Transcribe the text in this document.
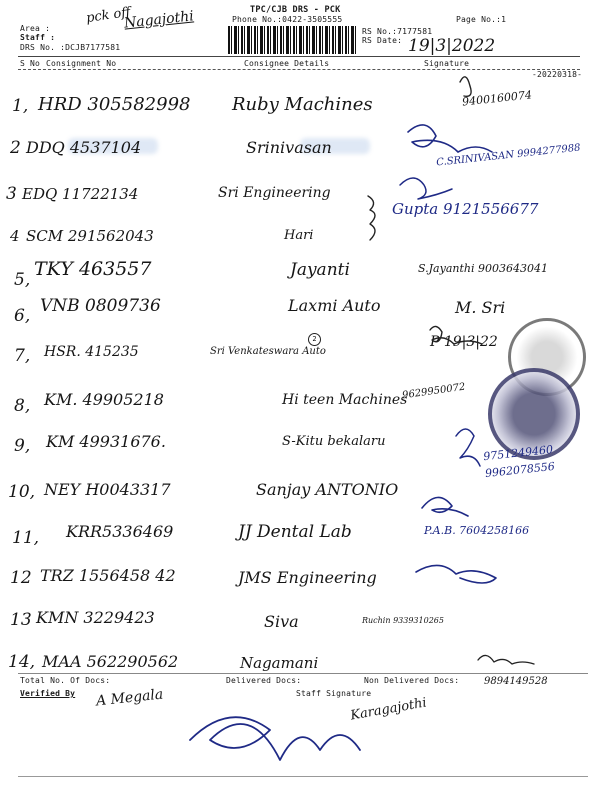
Area :
Staff :
DRS No. :DCJB7177581
pck off
Nagajothi	TPC/CJB DRS - PCK
Phone No.:0422-3505555
RS No.:7177581
RS Date:
Page No.:1
19|3|2022
S No Consignment No	Consignee Details	Signature
-20220318-
2
1, HRD 305582998 Ruby Machines	9400160074
2 DDQ 4537104	Srinivasan	C.SRINIVASAN 9994277988
3 EDQ 11722134	Sri Engineering
Gupta 9121556677
4 SCM 291562043	Hari
5, TKY 463557	Jayanti	S.Jayanthi 9003643041
6, VNB 0809736	Laxmi Auto	M. Sri
7, HSR. 415235	Sri Venkateswara Auto
P 19|3|22
8, KM. 49905218	Hi teen Machines
9629950072
9, KM 49931676.	S-Kitu bekalaru
9751249460 9962078556
10, NEY H0043317	Sanjay ANTONIO
11, KRR5336469	JJ Dental Lab	P.A.B. 7604258166
12 TRZ 1556458 42	JMS Engineering
13 KMN 3229423	Siva	Ruchin 9339310265
14, MAA 562290562	Nagamani
9894149528
Total No. Of Docs:	Delivered Docs:	Non Delivered Docs:
Verified By	Staff Signature
A Megala	Karagajothi
